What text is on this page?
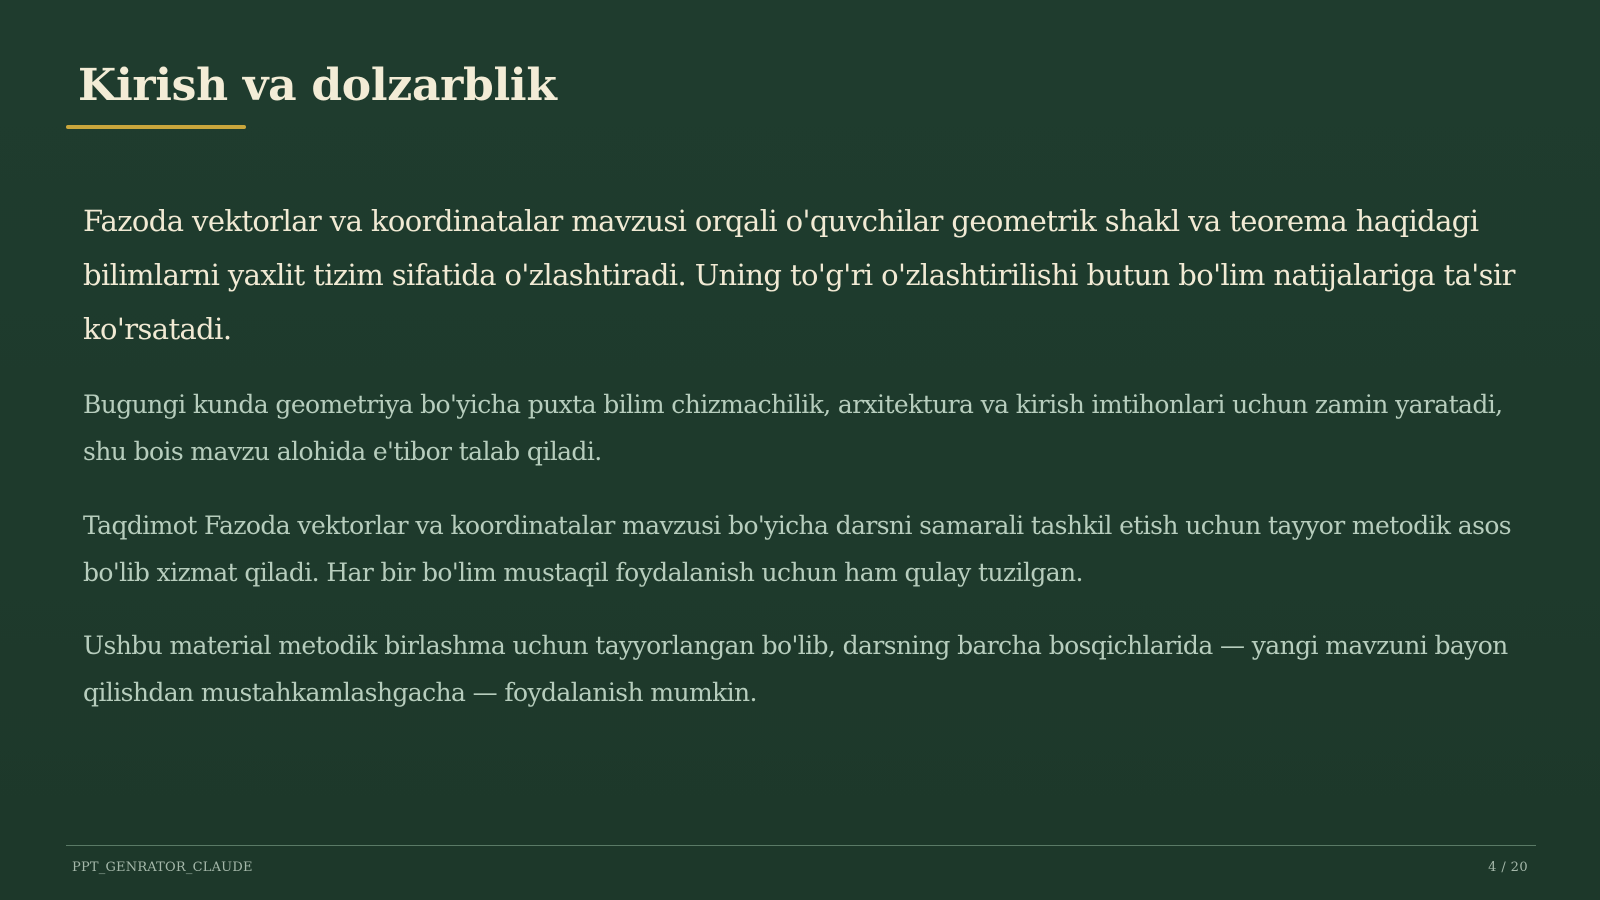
Kirish va dolzarblik

Fazoda vektorlar va koordinatalar mavzusi orqali o'quvchilar geometrik shakl va teorema haqidagi bilimlarni yaxlit tizim sifatida o'zlashtiradi. Uning to'g'ri o'zlashtirilishi butun bo'lim natijalariga ta'sir ko'rsatadi.

Bugungi kunda geometriya bo'yicha puxta bilim chizmachilik, arxitektura va kirish imtihonlari uchun zamin yaratadi, shu bois mavzu alohida e'tibor talab qiladi.

Taqdimot Fazoda vektorlar va koordinatalar mavzusi bo'yicha darsni samarali tashkil etish uchun tayyor metodik asos bo'lib xizmat qiladi. Har bir bo'lim mustaqil foydalanish uchun ham qulay tuzilgan.

Ushbu material metodik birlashma uchun tayyorlangan bo'lib, darsning barcha bosqichlarida — yangi mavzuni bayon qilishdan mustahkamlashgacha — foydalanish mumkin.

PPT_GENRATOR_CLAUDE	4 / 20
